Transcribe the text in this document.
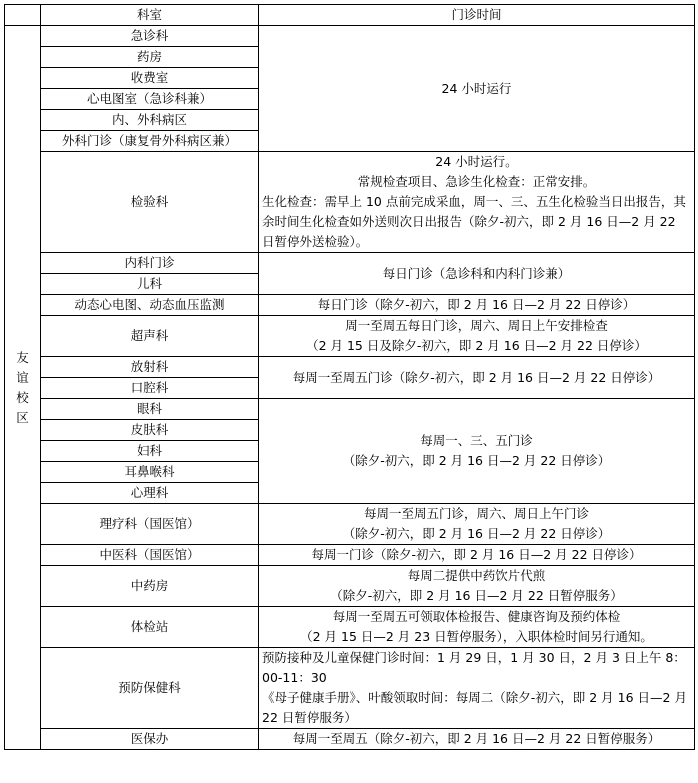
	科室	门诊时间

友
谊
校
区	急诊科	24 小时运行
	药房	
	收费室	
	心电图室（急诊科兼）	
	内、外科病区	
	外科门诊（康复骨外科病区兼）	
	检验科	24 小时运行。
常规检查项目、急诊生化检查：正常安排。
生化检查：需早上 10 点前完成采血，周一、三、五生化检验当日出报告，其余时间生化检查如外送则次日出报告（除夕-初六，即 2 月 16 日—2 月 22 日暂停外送检验）。

	内科门诊	每日门诊（急诊科和内科门诊兼）
	儿科	
	动态心电图、动态血压监测	每日门诊（除夕-初六，即 2 月 16 日—2 月 22 日停诊）
	超声科	周一至周五每日门诊，周六、周日上午安排检查
（2 月 15 日及除夕-初六，即 2 月 16 日—2 月 22 日停诊）

	放射科	每周一至周五门诊（除夕-初六，即 2 月 16 日—2 月 22 日停诊）
	口腔科	
	眼科	每周一、三、五门诊
（除夕-初六，即 2 月 16 日—2 月 22 日停诊）

	皮肤科	
	妇科	
	耳鼻喉科	
	心理科	
	理疗科（国医馆）	每周一至周五门诊，周六、周日上午门诊
（除夕-初六，即 2 月 16 日—2 月 22 日停诊）

	中医科（国医馆）	每周一门诊（除夕-初六，即 2 月 16 日—2 月 22 日停诊）
	中药房	每周二提供中药饮片代煎
（除夕-初六，即 2 月 16 日—2 月 22 日暂停服务）

	体检站	每周一至周五可领取体检报告、健康咨询及预约体检
（2 月 15 日—2 月 23 日暂停服务），入职体检时间另行通知。

	预防保健科	预防接种及儿童保健门诊时间：1 月 29 日，1 月 30 日，2 月 3 日上午 8：00-11：30
《母子健康手册》、叶酸领取时间：每周二（除夕-初六，即 2 月 16 日—2 月 22 日暂停服务）

	医保办	每周一至周五（除夕-初六，即 2 月 16 日—2 月 22 日暂停服务）
